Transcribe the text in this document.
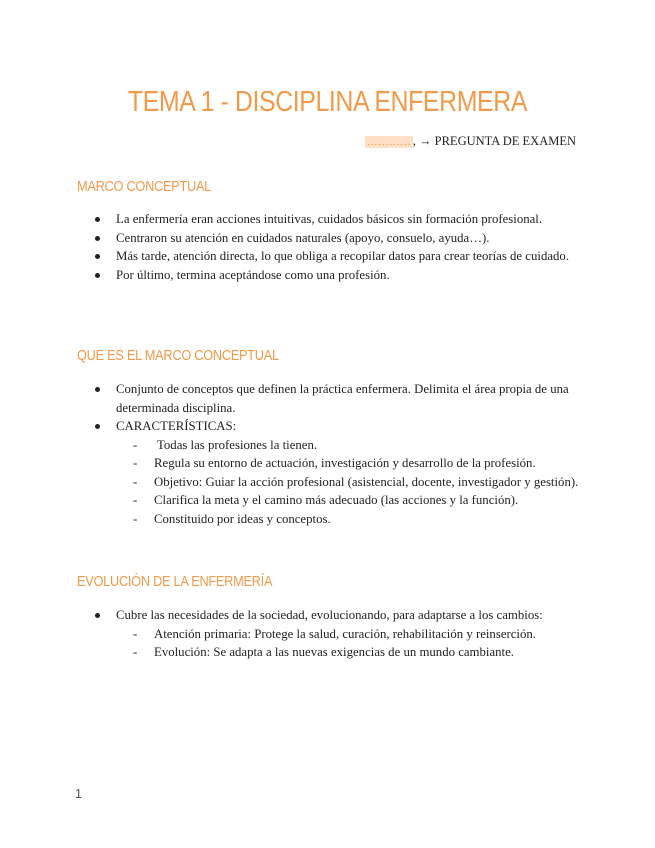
TEMA 1 - DISCIPLINA ENFERMERA
………… , → PREGUNTA DE EXAMEN
MARCO CONCEPTUAL
La enfermería eran acciones intuitivas, cuidados básicos sin formación profesional.
Centraron su atención en cuidados naturales (apoyo, consuelo, ayuda…).
Más tarde, atención directa, lo que obliga a recopilar datos para crear teorías de cuidado.
Por último, termina aceptándose como una profesión.
QUE ES EL MARCO CONCEPTUAL
Conjunto de conceptos que definen la práctica enfermera. Delimita el área propia de una determinada disciplina.
CARACTERÍSTICAS:
-  Todas las profesiones la tienen.
- Regula su entorno de actuación, investigación y desarrollo de la profesión.
- Objetivo: Guiar la acción profesional (asistencial, docente, investigador y gestión).
- Clarifica la meta y el camino más adecuado (las acciones y la función).
- Constituido por ideas y conceptos.
EVOLUCIÓN DE LA ENFERMERÍA
Cubre las necesidades de la sociedad, evolucionando, para adaptarse a los cambios:
- Atención primaria: Protege la salud, curación, rehabilitación y reinserción.
- Evolución: Se adapta a las nuevas exigencias de un mundo cambiante.
1
